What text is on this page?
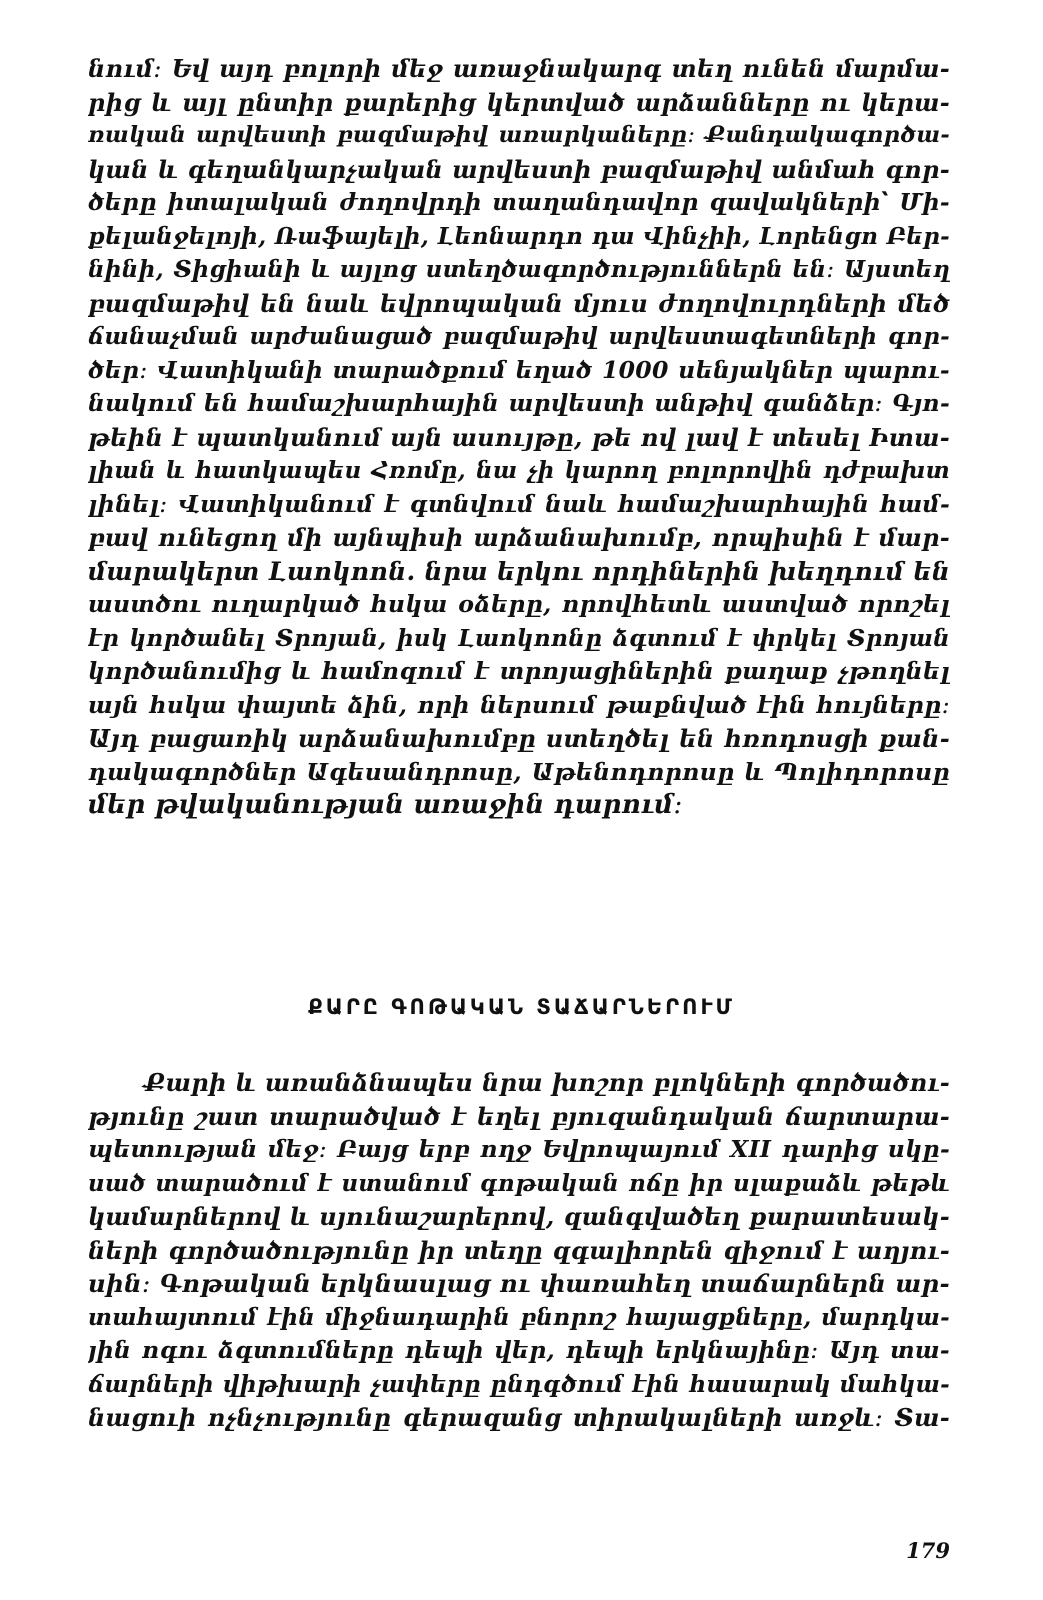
նում։ Եվ այդ բոլորի մեջ առաջնակարգ տեղ ունեն մարմա-
րից և այլ ընտիր քարերից կերտված արձանները ու կերա-
ռական արվեստի բազմաթիվ առարկաները։ Քանդակագործա-
կան և գեղանկարչական արվեստի բազմաթիվ անմահ գոր-
ծերը իտալական ժողովրդի տաղանդավոր զավակների՝ Մի-
քելանջելոյի, Ռաֆայելի, Լեոնարդո դա Վինչիի, Լորենցո Բեր-
նինի, Տիցիանի և այլոց ստեղծագործություններն են։ Այստեղ
բազմաթիվ են նաև եվրոպական մյուս ժողովուրդների մեծ
ճանաչման արժանացած բազմաթիվ արվեստագետների գոր-
ծեր։ Վատիկանի տարածքում եղած 1000 սենյակներ պարու-
նակում են համաշխարհային արվեստի անթիվ գանձեր։ Գյո-
թեին է պատկանում այն ասույթը, թե ով լավ է տեսել Իտա-
լիան և հատկապես Հռոմը, նա չի կարող բոլորովին դժբախտ
լինել։ Վատիկանում է գտնվում նաև համաշխարհային համ-
բավ ունեցող մի այնպիսի արձանախումբ, որպիսին է մար-
մարակերտ Լաոկոոն. նրա երկու որդիներին խեղդում են
աստծու ուղարկած հսկա օձերը, որովհետև աստված որոշել
էր կործանել Տրոյան, իսկ Լաոկոոնը ձգտում է փրկել Տրոյան
կործանումից և համոզում է տրոյացիներին քաղաք չթողնել
այն հսկա փայտե ձին, որի ներսում թաքնված էին հույները։
Այդ բացառիկ արձանախումբը ստեղծել են հռոդոսցի քան-
դակագործներ Ագեսանդրոսը, Աթենոդորոսը և Պոլիդորոսը
մեր թվականության առաջին դարում։
ՔԱՐԸ ԳՈԹԱԿԱՆ ՏԱՃԱՐՆԵՐՈՒՄ
Քարի և առանձնապես նրա խոշոր բլոկների գործածու-
թյունը շատ տարածված է եղել բյուզանդական ճարտարա-
պետության մեջ։ Բայց երբ ողջ Եվրոպայում XII դարից սկը-
սած տարածում է ստանում գոթական ոճը իր սլաքաձև թեթև
կամարներով և սյունաշարերով, զանգվածեղ քարատեսակ-
ների գործածությունը իր տեղը զգալիորեն զիջում է աղյու-
սին։ Գոթական երկնասլաց ու փառահեղ տաճարներն ար-
տահայտում էին միջնադարին բնորոշ հայացքները, մարդկա-
յին ոգու ձգտումները դեպի վեր, դեպի երկնայինը։ Այդ տա-
ճարների վիթխարի չափերը ընդգծում էին հասարակ մահկա-
նացուի ոչնչությունը գերազանց տիրակալների առջև։ Տա-
179
